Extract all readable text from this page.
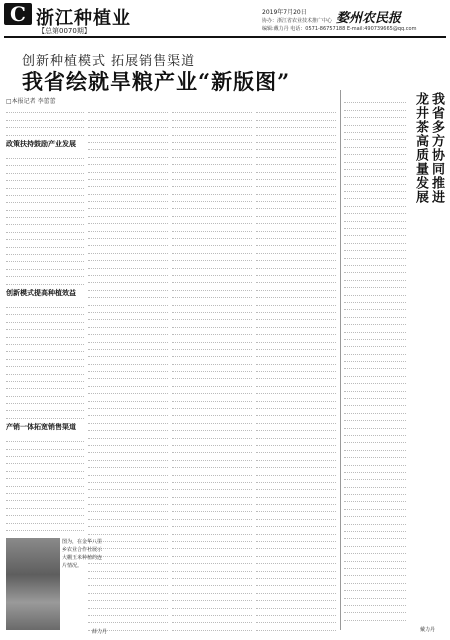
C 浙江种植业
【总第0070期】
2019年7月20日 婺州农民报
协办：浙江省农业技术推广中心
编辑:戴力丹 电话：0571-86757188 E-mail:490739665@qq.com
创新种植模式 拓展销售渠道
我省绘就旱粮产业“新版图”
□本报记者 李蕾蕾
政策扶持鼓励产业发展
创新模式提高种植效益
产销一体拓宽销售渠道
我省多方协同推进
龙井茶高质量发展
戴力丹
图为，在金华八里乡农业合作社展示大棚玉米种植的连片情况。
薛力丹
